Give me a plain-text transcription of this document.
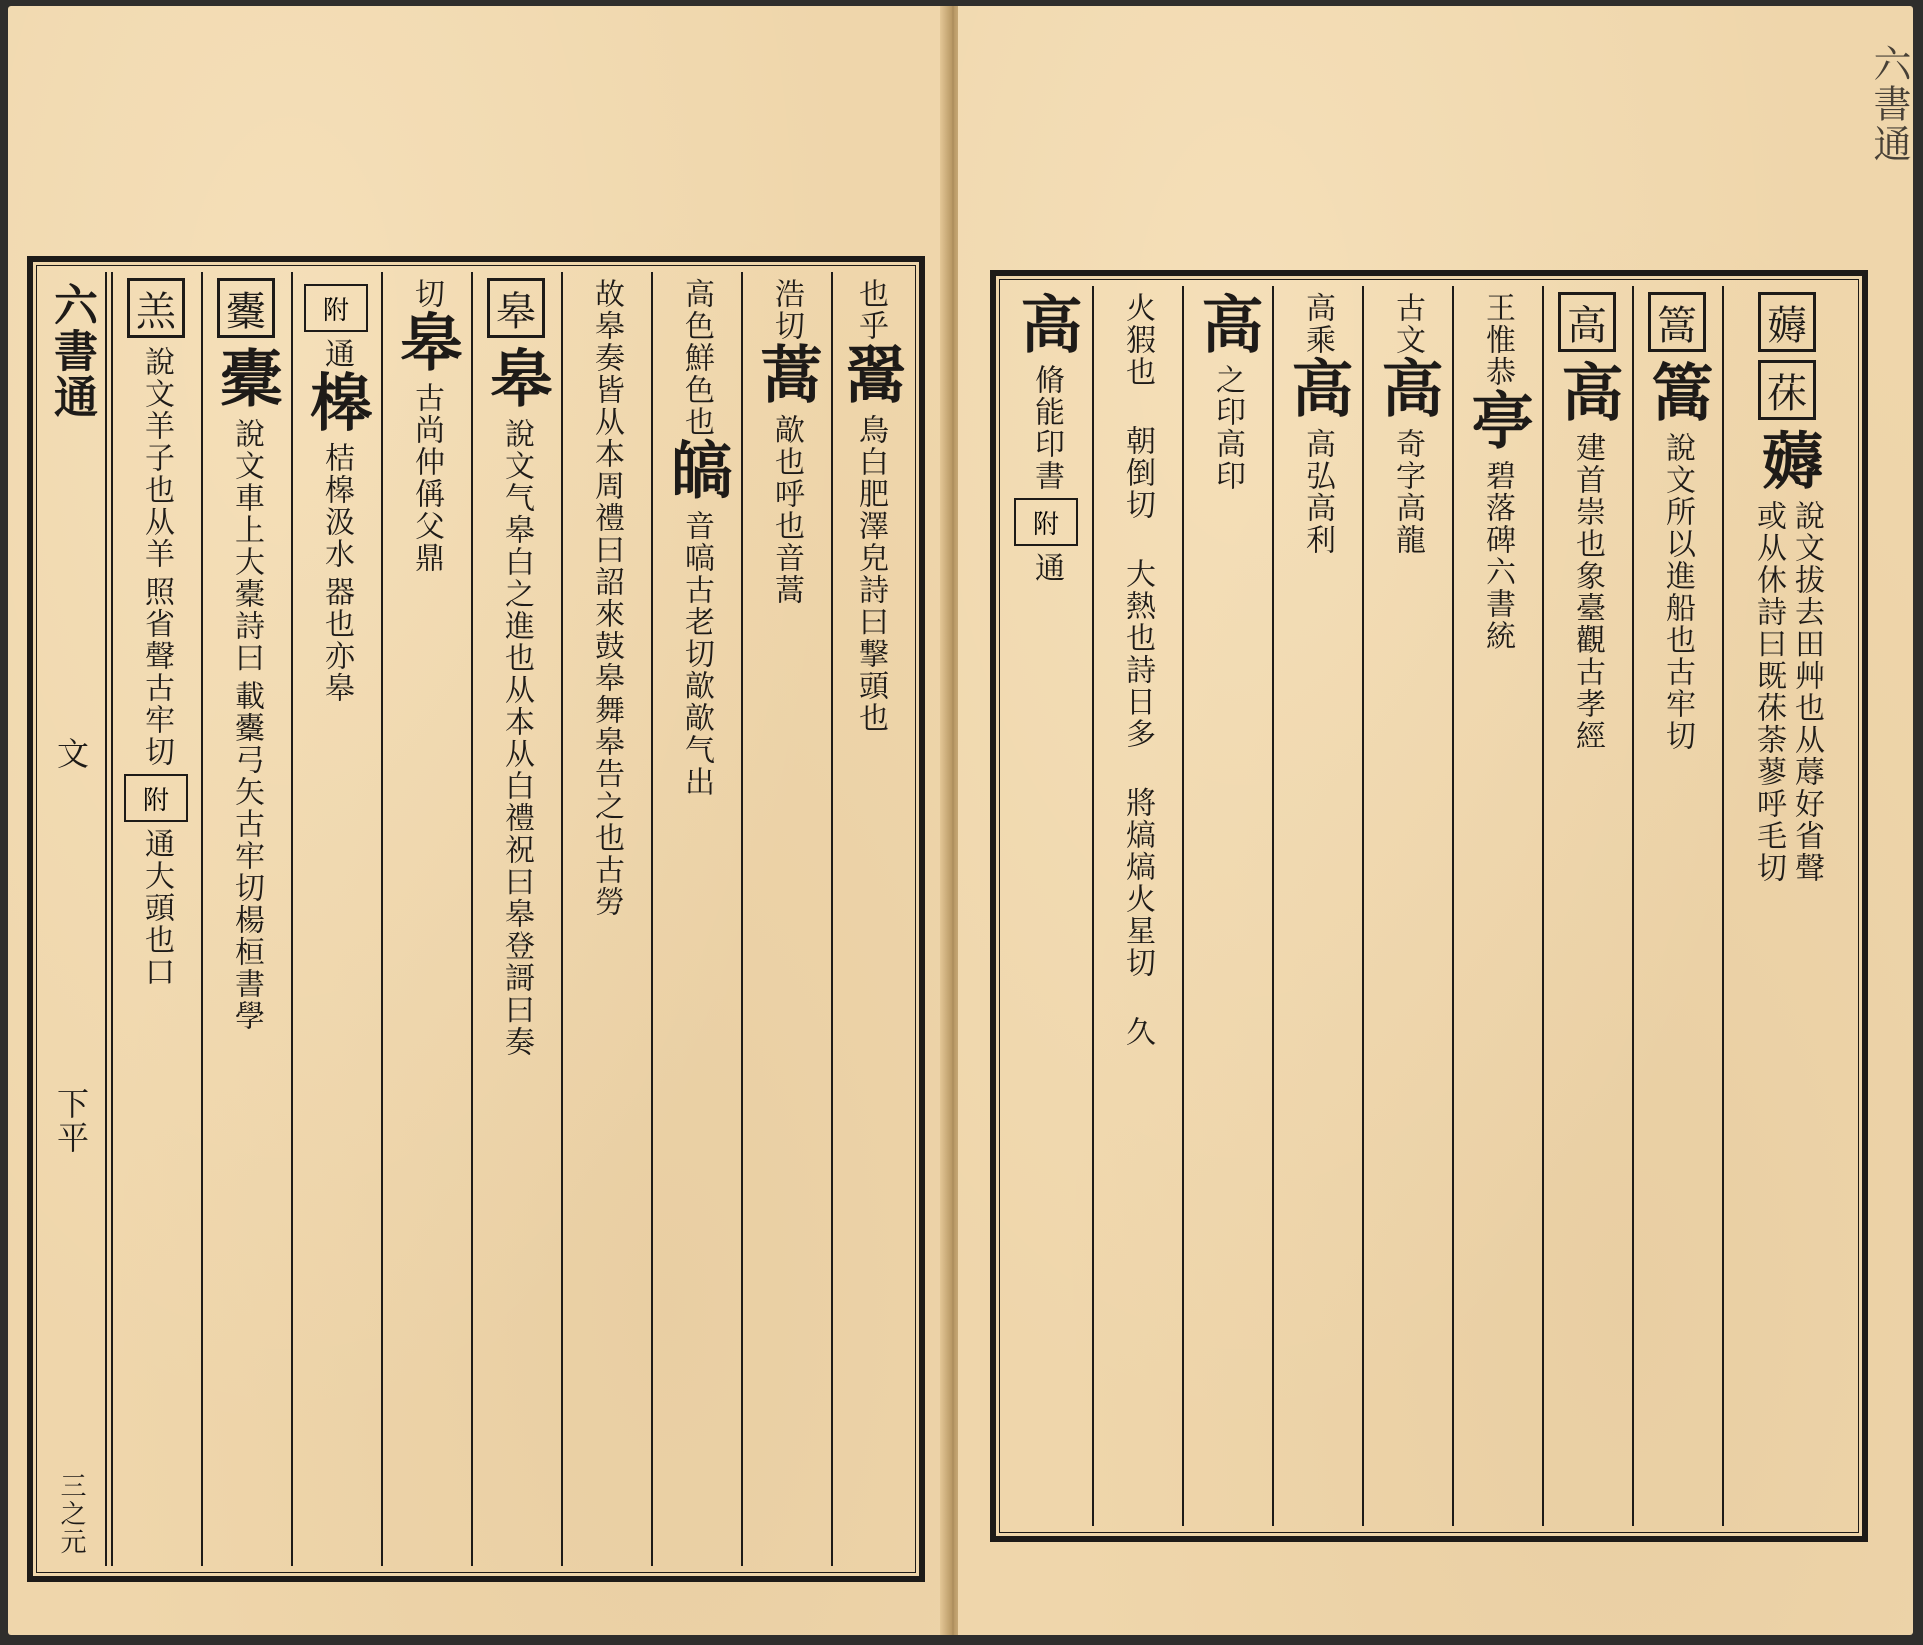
六書通
文
下平
三之元
羔
說文羊子也从羊
照省聲古牢切
附
通
大頭也口
櫜
橐
說文車上大橐詩曰
載櫜弓矢古牢切
楊桓
書學
附
通
槔
桔槔汲水
器也亦皋
切
皋
古尚
仲偁
父鼎
皋
皋
說文气皋白之進也从本从白禮祝曰皋登謌曰奏 故皋奏皆从本周禮曰詔來鼓皋舞皋告之也古勞 高色鮮色也
皜
音嗃古老切
歊歊气出
浩切
蒿
歊也呼
也音蒿
也乎
翯
鳥白肥澤皃詩曰
撃頭也
高
脩能
印書
附
通 火猳也 朝倒切 大熱也詩日多 將熇熇火星切 久 高
之印
高印
高乘
高
高弘
高利
古文
高
奇字
高龍
王惟恭
亭
碧落碑
六書統
高
高
建首崇也象臺觀
古孝經
篙
篙
說文所以進
船也古牢切
薅
茠
薅
說文拔去田艸也从蓐好省聲
或从休詩曰既茠荼蓼呼毛切
六書通
